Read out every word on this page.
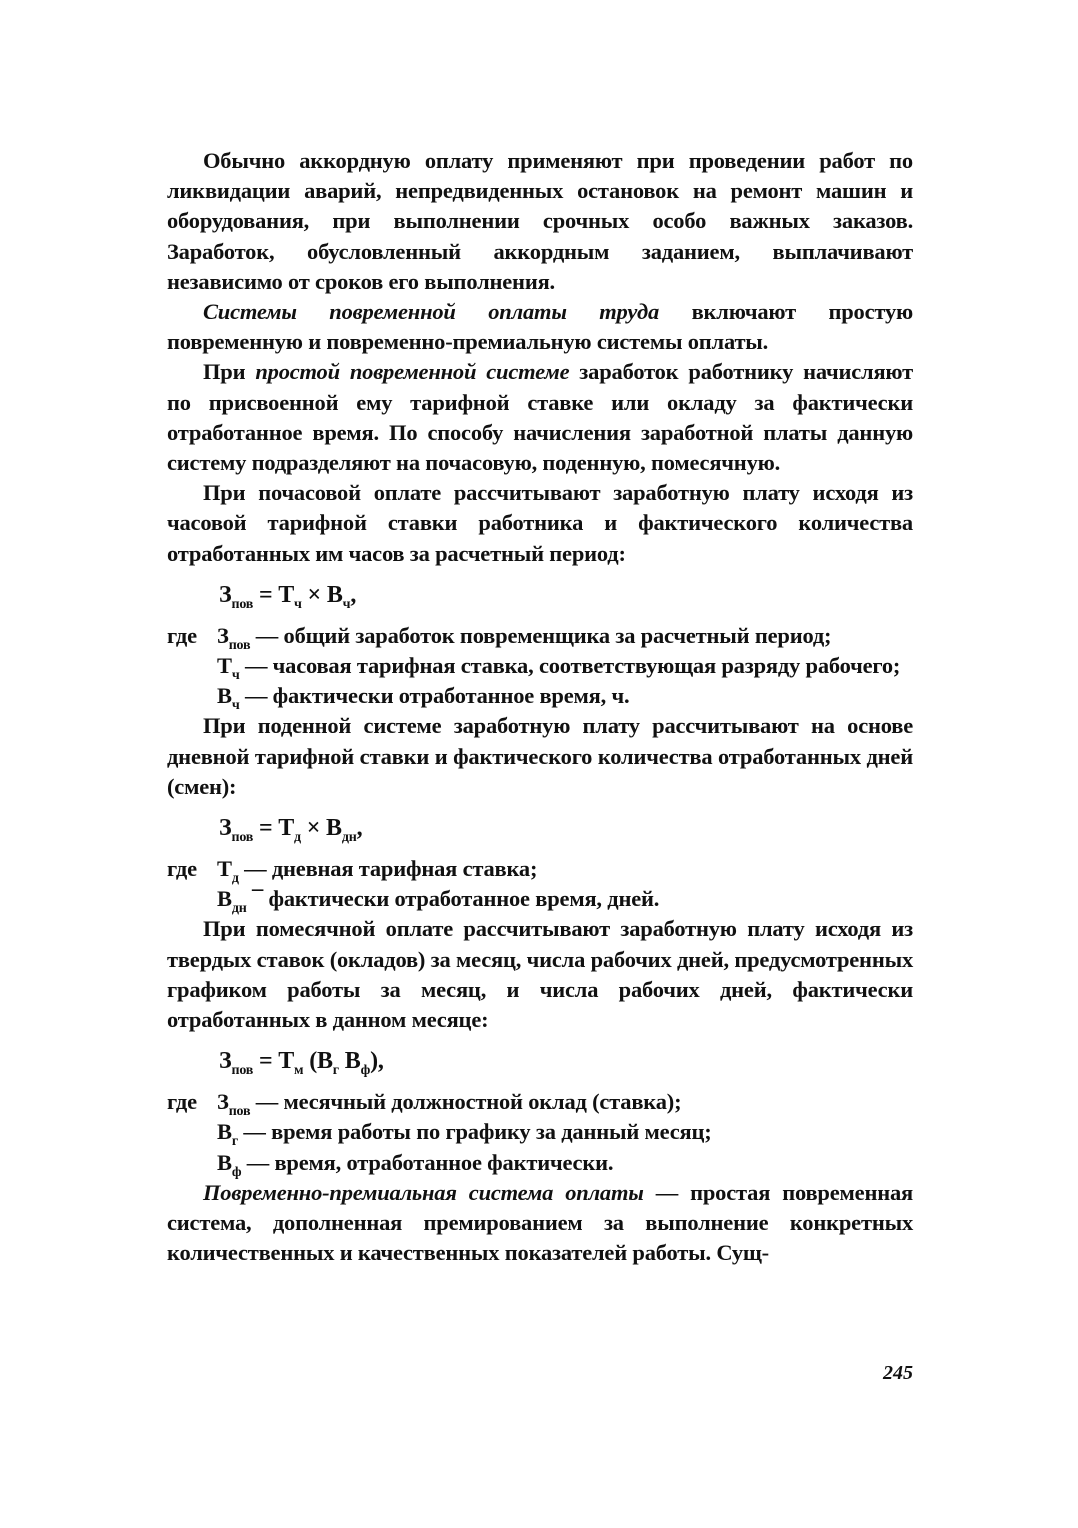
Обычно аккордную оплату применяют при проведении работ по ликвидации аварий, непредвиденных остановок на ремонт машин и оборудования, при выполнении срочных особо важных заказов. Заработок, обусловленный аккордным заданием, выплачивают независимо от сроков его выполнения.

Системы повременной оплаты труда включают простую повременную и повременно-премиальную системы оплаты.

При простой повременной системе заработок работнику начисляют по присвоенной ему тарифной ставке или окладу за фактически отработанное время. По способу начисления заработной платы данную систему подразделяют на почасовую, поденную, помесячную.

При почасовой оплате рассчитывают заработную плату исходя из часовой тарифной ставки работника и фактического количества отработанных им часов за расчетный период:

$З_{пов} = Т_ч \times В_ч$,
где $З_{пов}$ — общий заработок повременщика за расчетный период;
$Т_ч$ — часовая тарифная ставка, соответствующая разряду рабочего;
$В_ч$ — фактически отработанное время, ч.

При поденной системе заработную плату рассчитывают на основе дневной тарифной ставки и фактического количества отработанных дней (смен):

$З_{пов} = Т_д \times В_{дн}$,
где $Т_д$ — дневная тарифная ставка;
$В_{дн}$ ¯ фактически отработанное время, дней.

При помесячной оплате рассчитывают заработную плату исходя из твердых ставок (окладов) за месяц, числа рабочих дней, предусмотренных графиком работы за месяц, и числа рабочих дней, фактически отработанных в данном месяце:

$З_{пов} = Т_м$ ($В_г$ $В_ф$),
где $З_{пов}$ — месячный должностной оклад (ставка);
$В_г$ — время работы по графику за данный месяц;
$В_ф$ — время, отработанное фактически.

Повременно-премиальная система оплаты — простая повременная система, дополненная премированием за выполнение конкретных количественных и качественных показателей работы. Сущ-

245
